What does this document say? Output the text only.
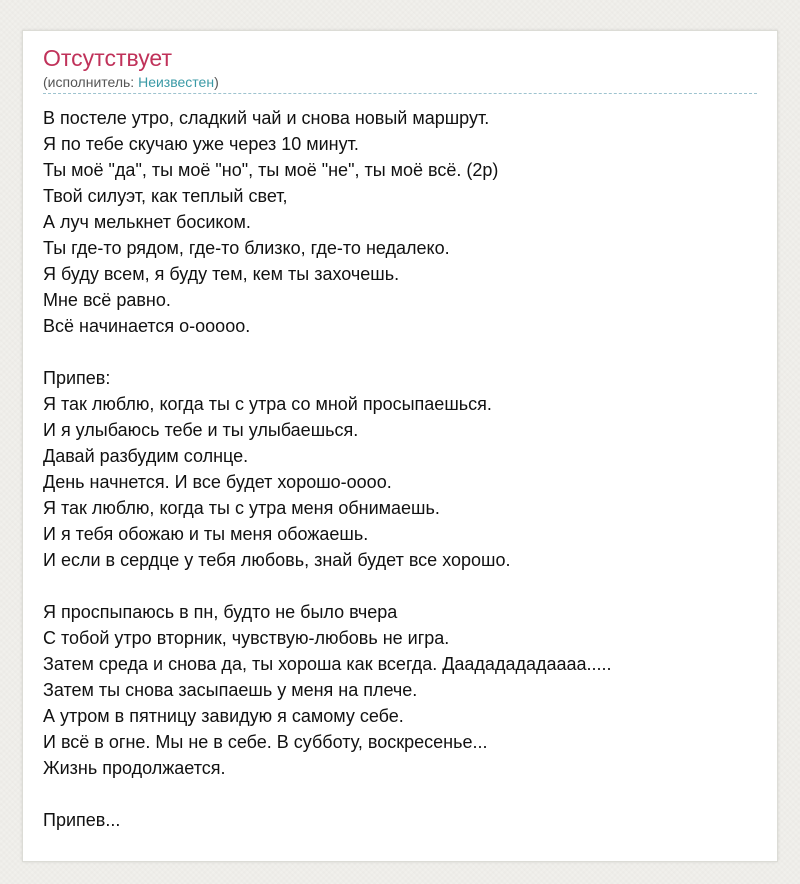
Отсутствует
(исполнитель: Неизвестен)
В постеле утро, сладкий чай и снова новый маршрут.
Я по тебе скучаю уже через 10 минут.
Ты моё "да", ты моё "но", ты моё "не", ты моё всё. (2р)
Твой силуэт, как теплый свет,
А луч мелькнет босиком.
Ты где-то рядом, где-то близко, где-то недалеко.
Я буду всем, я буду тем, кем ты захочешь.
Мне всё равно.
Всё начинается о-ооооо.
Припев:
Я так люблю, когда ты с утра со мной просыпаешься.
И я улыбаюсь тебе и ты улыбаешься.
Давай разбудим солнце.
День начнется. И все будет хорошо-оооо.
Я так люблю, когда ты с утра меня обнимаешь.
И я тебя обожаю и ты меня обожаешь.
И если в сердце у тебя любовь, знай будет все хорошо.
Я проспыпаюсь в пн, будто не было вчера
С тобой утро вторник, чувствую-любовь не игра.
Затем среда и снова да, ты хороша как всегда. Даададададаааа.....
Затем ты снова засыпаешь у меня на плече.
А утром в пятницу завидую я самому себе.
И всё в огне. Мы не в себе. В субботу, воскресенье...
Жизнь продолжается.
Припев...
